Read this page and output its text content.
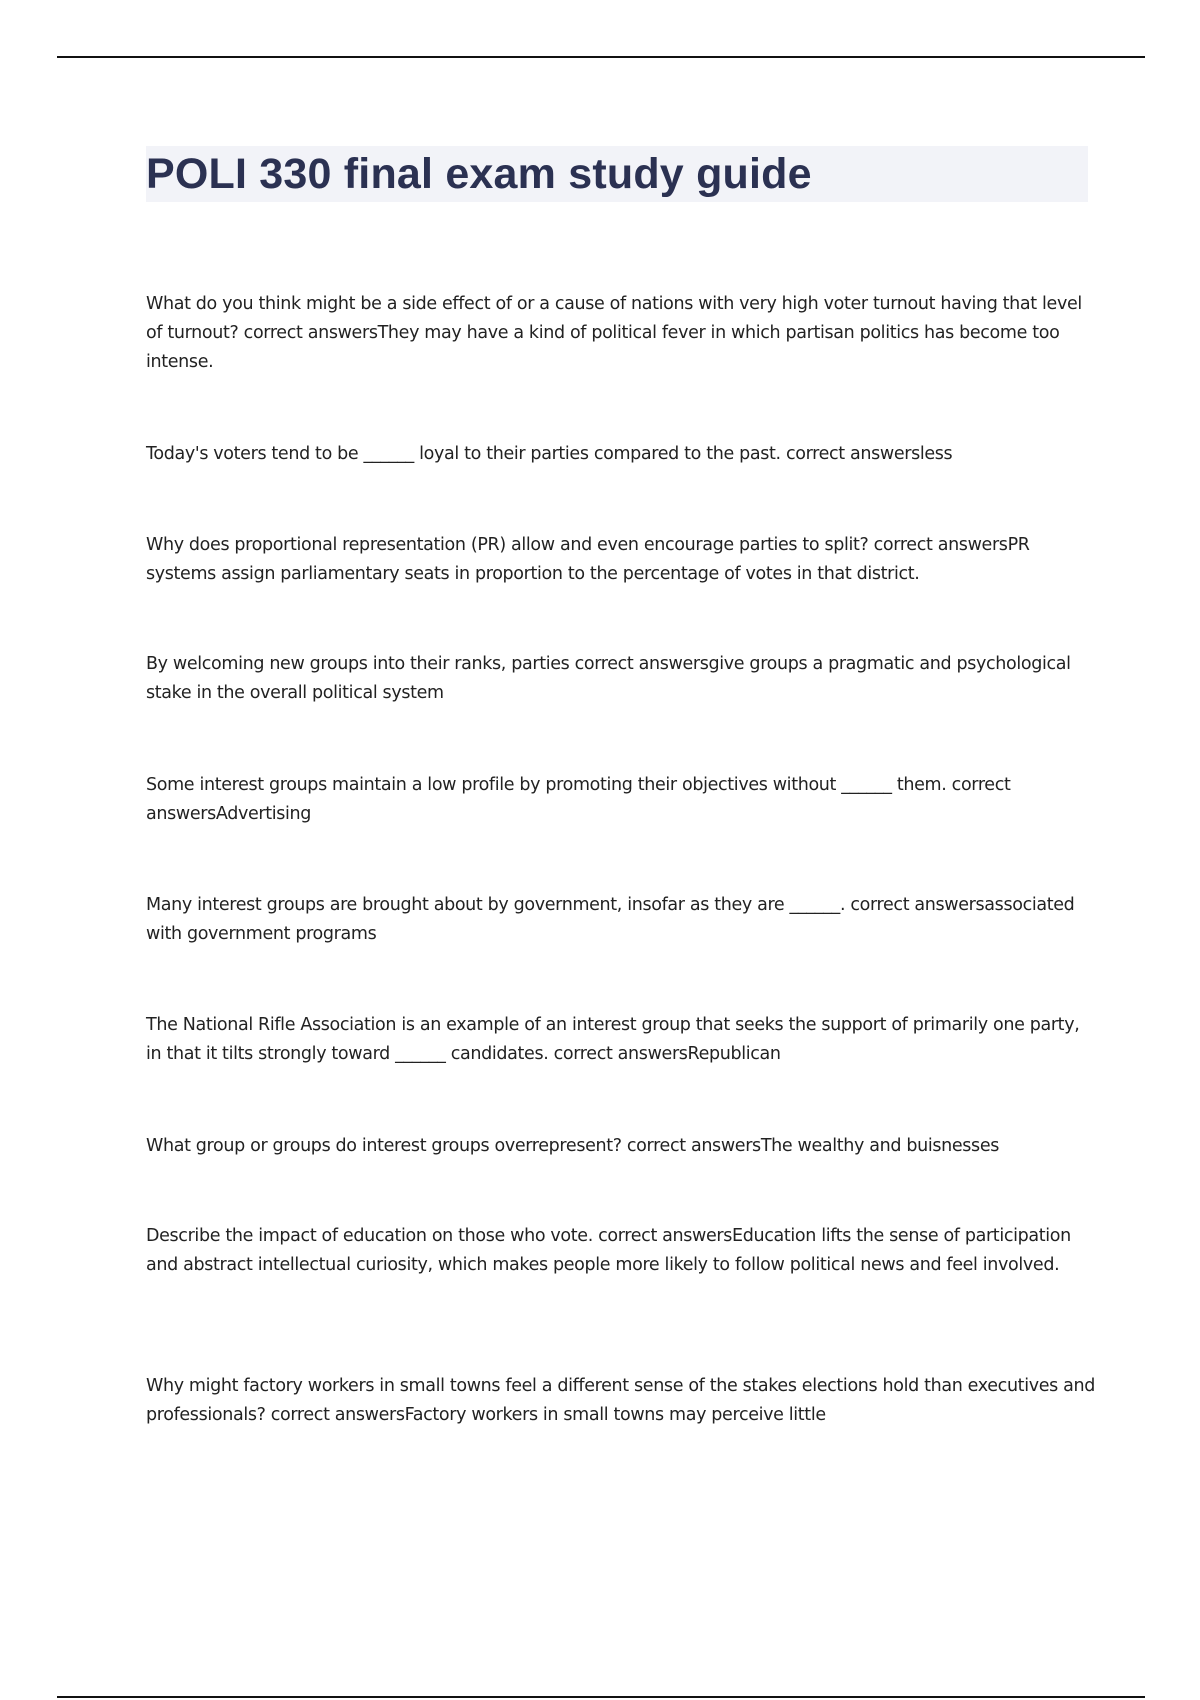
POLI 330 final exam study guide

What do you think might be a side effect of or a cause of nations with very high voter turnout having that level of turnout? correct answersThey may have a kind of political fever in which partisan politics has become too intense.

Today's voters tend to be ______ loyal to their parties compared to the past. correct answersless

Why does proportional representation (PR) allow and even encourage parties to split? correct answersPR systems assign parliamentary seats in proportion to the percentage of votes in that district.

By welcoming new groups into their ranks, parties correct answersgive groups a pragmatic and psychological stake in the overall political system

Some interest groups maintain a low profile by promoting their objectives without ______ them. correct answersAdvertising

Many interest groups are brought about by government, insofar as they are ______. correct answersassociated with government programs

The National Rifle Association is an example of an interest group that seeks the support of primarily one party, in that it tilts strongly toward ______ candidates. correct answersRepublican

What group or groups do interest groups overrepresent? correct answersThe wealthy and buisnesses

Describe the impact of education on those who vote. correct answersEducation lifts the sense of participation and abstract intellectual curiosity, which makes people more likely to follow political news and feel involved.

Why might factory workers in small towns feel a different sense of the stakes elections hold than executives and professionals? correct answersFactory workers in small towns may perceive little
